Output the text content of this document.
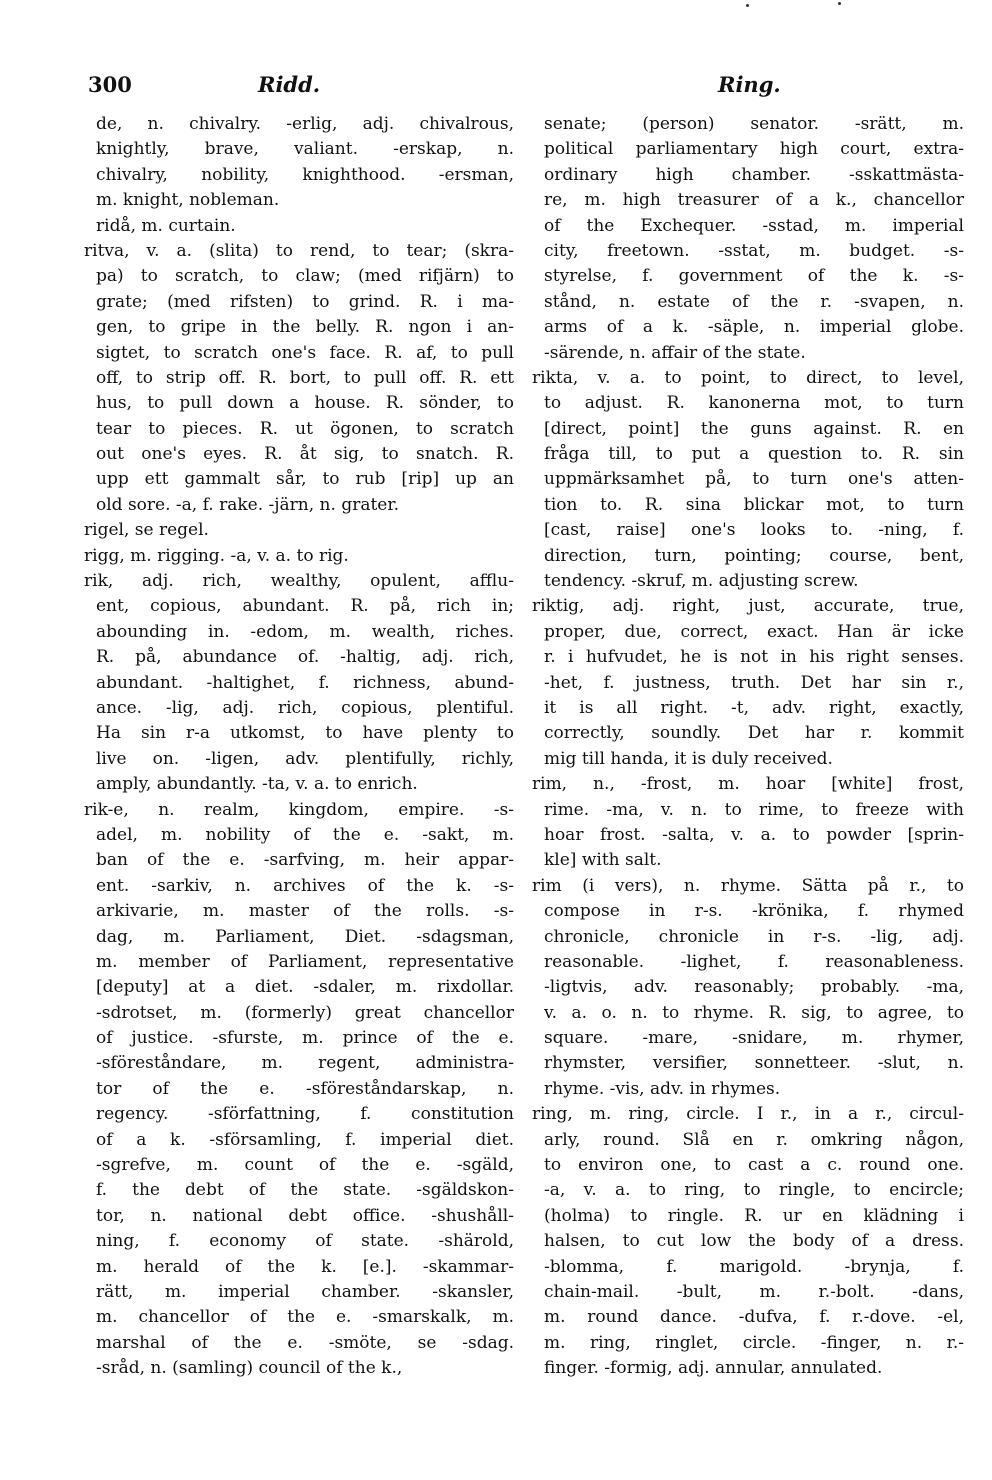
300	Ridd.	Ring.
de, n. chivalry. -erlig, adj. chivalrous,
knightly, brave, valiant. -erskap, n.
chivalry, nobility, knighthood. -ersman,
m. knight, nobleman.
ridå, m. curtain.
ritva, v. a. (slita) to rend, to tear; (skra-
pa) to scratch, to claw; (med rifjärn) to
grate; (med rifsten) to grind. R. i ma-
gen, to gripe in the belly. R. ngon i an-
sigtet, to scratch one's face. R. af, to pull
off, to strip off. R. bort, to pull off. R. ett
hus, to pull down a house. R. sönder, to
tear to pieces. R. ut ögonen, to scratch
out one's eyes. R. åt sig, to snatch. R.
upp ett gammalt sår, to rub [rip] up an
old sore. -a, f. rake. -järn, n. grater.
rigel, se regel.
rigg, m. rigging. -a, v. a. to rig.
rik, adj. rich, wealthy, opulent, afflu-
ent, copious, abundant. R. på, rich in;
abounding in. -edom, m. wealth, riches.
R. på, abundance of. -haltig, adj. rich,
abundant. -haltighet, f. richness, abund-
ance. -lig, adj. rich, copious, plentiful.
Ha sin r-a utkomst, to have plenty to
live on. -ligen, adv. plentifully, richly,
amply, abundantly. -ta, v. a. to enrich.
rik-e, n. realm, kingdom, empire. -s-
adel, m. nobility of the e. -sakt, m.
ban of the e. -sarfving, m. heir appar-
ent. -sarkiv, n. archives of the k. -s-
arkivarie, m. master of the rolls. -s-
dag, m. Parliament, Diet. -sdagsman,
m. member of Parliament, representative
[deputy] at a diet. -sdaler, m. rixdollar.
-sdrotset, m. (formerly) great chancellor
of justice. -sfurste, m. prince of the e.
-sföreståndare, m. regent, administra-
tor of the e. -sföreståndarskap, n.
regency. -sförfattning, f. constitution
of a k. -sförsamling, f. imperial diet.
-sgrefve, m. count of the e. -sgäld,
f. the debt of the state. -sgäldskon-
tor, n. national debt office. -shushåll-
ning, f. economy of state. -shärold,
m. herald of the k. [e.]. -skammar-
rätt, m. imperial chamber. -skansler,
m. chancellor of the e. -smarskalk, m.
marshal of the e. -smöte, se -sdag.
-sråd, n. (samling) council of the k.,
senate; (person) senator. -srätt, m.
political parliamentary high court, extra-
ordinary high chamber. -sskattmästa-
re, m. high treasurer of a k., chancellor
of the Exchequer. -sstad, m. imperial
city, freetown. -sstat, m. budget. -s-
styrelse, f. government of the k. -s-
stånd, n. estate of the r. -svapen, n.
arms of a k. -säple, n. imperial globe.
-särende, n. affair of the state.
rikta, v. a. to point, to direct, to level,
to adjust. R. kanonerna mot, to turn
[direct, point] the guns against. R. en
fråga till, to put a question to. R. sin
uppmärksamhet på, to turn one's atten-
tion to. R. sina blickar mot, to turn
[cast, raise] one's looks to. -ning, f.
direction, turn, pointing; course, bent,
tendency. -skruf, m. adjusting screw.
riktig, adj. right, just, accurate, true,
proper, due, correct, exact. Han är icke
r. i hufvudet, he is not in his right senses.
-het, f. justness, truth. Det har sin r.,
it is all right. -t, adv. right, exactly,
correctly, soundly. Det har r. kommit
mig till handa, it is duly received.
rim, n., -frost, m. hoar [white] frost,
rime. -ma, v. n. to rime, to freeze with
hoar frost. -salta, v. a. to powder [sprin-
kle] with salt.
rim (i vers), n. rhyme. Sätta på r., to
compose in r-s. -krönika, f. rhymed
chronicle, chronicle in r-s. -lig, adj.
reasonable. -lighet, f. reasonableness.
-ligtvis, adv. reasonably; probably. -ma,
v. a. o. n. to rhyme. R. sig, to agree, to
square. -mare, -snidare, m. rhymer,
rhymster, versifier, sonnetteer. -slut, n.
rhyme. -vis, adv. in rhymes.
ring, m. ring, circle. I r., in a r., circul-
arly, round. Slå en r. omkring någon,
to environ one, to cast a c. round one.
-a, v. a. to ring, to ringle, to encircle;
(holma) to ringle. R. ur en klädning i
halsen, to cut low the body of a dress.
-blomma, f. marigold. -brynja, f.
chain-mail. -bult, m. r.-bolt. -dans,
m. round dance. -dufva, f. r.-dove. -el,
m. ring, ringlet, circle. -finger, n. r.-
finger. -formig, adj. annular, annulated.
